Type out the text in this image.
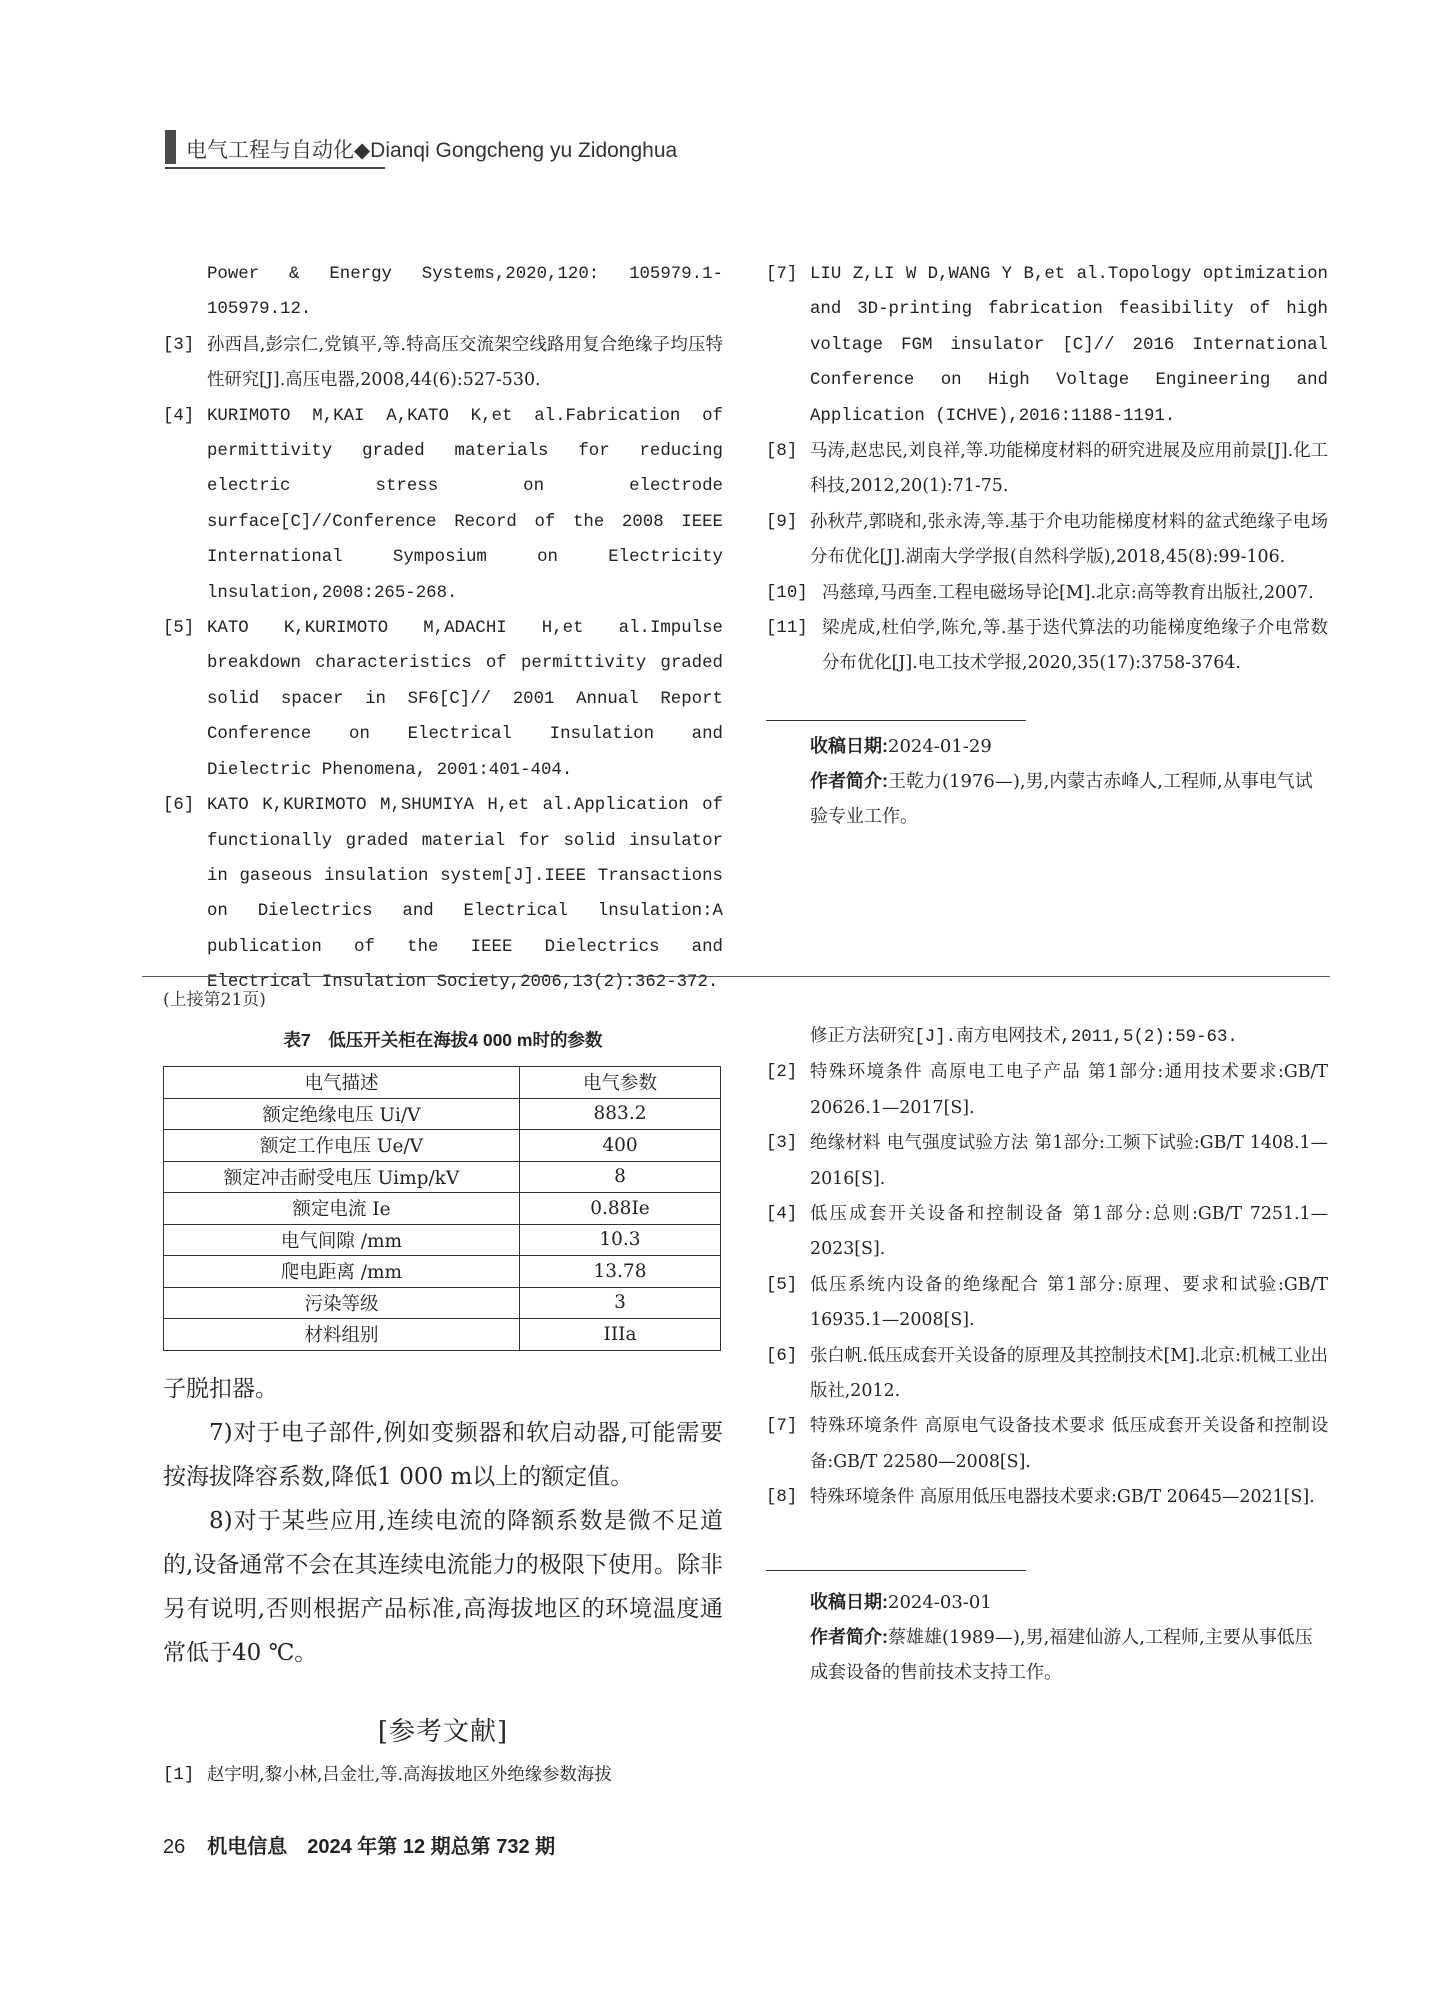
电气工程与自动化◆Dianqi Gongcheng yu Zidonghua
Power & Energy Systems,2020,120: 105979.1-105979.12.
[3] 孙西昌,彭宗仁,党镇平,等.特高压交流架空线路用复合绝缘子均压特性研究[J].高压电器,2008,44(6):527-530.
[4] KURIMOTO M,KAI A,KATO K,et al.Fabrication of permittivity graded materials for reducing electric stress on electrode surface[C]//Conference Record of the 2008 IEEE International Symposium on Electricity lnsulation,2008:265-268.
[5] KATO K,KURIMOTO M,ADACHI H,et al.Impulse breakdown characteristics of permittivity graded solid spacer in SF6[C]// 2001 Annual Report Conference on Electrical Insulation and Dielectric Phenomena, 2001:401-404.
[6] KATO K,KURIMOTO M,SHUMIYA H,et al.Application of functionally graded material for solid insulator in gaseous insulation system[J].IEEE Transactions on Dielectrics and Electrical lnsulation:A publication of the IEEE Dielectrics and Electrical Insulation Society,2006,13(2):362-372.
[7] LIU Z,LI W D,WANG Y B,et al.Topology optimization and 3D-printing fabrication feasibility of high voltage FGM insulator [C]// 2016 International Conference on High Voltage Engineering and Application (ICHVE),2016:1188-1191.
[8] 马涛,赵忠民,刘良祥,等.功能梯度材料的研究进展及应用前景[J].化工科技,2012,20(1):71-75.
[9] 孙秋芹,郭晓和,张永涛,等.基于介电功能梯度材料的盆式绝缘子电场分布优化[J].湖南大学学报(自然科学版),2018,45(8):99-106.
[10] 冯慈璋,马西奎.工程电磁场导论[M].北京:高等教育出版社,2007.
[11] 梁虎成,杜伯学,陈允,等.基于迭代算法的功能梯度绝缘子介电常数分布优化[J].电工技术学报,2020,35(17):3758-3764.
收稿日期:2024-01-29
作者简介:王乾力(1976—),男,内蒙古赤峰人,工程师,从事电气试验专业工作。
(上接第21页)
表7　低压开关柜在海拔4 000 m时的参数
电气描述	电气参数
额定绝缘电压 Ui/V	883.2
额定工作电压 Ue/V	400
额定冲击耐受电压 Uimp/kV	8
额定电流 Ie	0.88Ie
电气间隙 /mm	10.3
爬电距离 /mm	13.78
污染等级	3
材料组别	IIIa

子脱扣器。

7)对于电子部件,例如变频器和软启动器,可能需要按海拔降容系数,降低1 000 m以上的额定值。

8)对于某些应用,连续电流的降额系数是微不足道的,设备通常不会在其连续电流能力的极限下使用。除非另有说明,否则根据产品标准,高海拔地区的环境温度通常低于40 ℃。

[参考文献]
[1] 赵宇明,黎小林,吕金壮,等.高海拔地区外绝缘参数海拔
修正方法研究[J].南方电网技术,2011,5(2):59-63.
[2] 特殊环境条件 高原电工电子产品 第1部分:通用技术要求:GB/T 20626.1—2017[S].
[3] 绝缘材料 电气强度试验方法 第1部分:工频下试验:GB/T 1408.1—2016[S].
[4] 低压成套开关设备和控制设备 第1部分:总则:GB/T 7251.1—2023[S].
[5] 低压系统内设备的绝缘配合 第1部分:原理、要求和试验:GB/T 16935.1—2008[S].
[6] 张白帆.低压成套开关设备的原理及其控制技术[M].北京:机械工业出版社,2012.
[7] 特殊环境条件 高原电气设备技术要求 低压成套开关设备和控制设备:GB/T 22580—2008[S].
[8] 特殊环境条件 高原用低压电器技术要求:GB/T 20645—2021[S].
收稿日期:2024-03-01
作者简介:蔡雄雄(1989—),男,福建仙游人,工程师,主要从事低压成套设备的售前技术支持工作。
26 机电信息　2024 年第 12 期总第 732 期
